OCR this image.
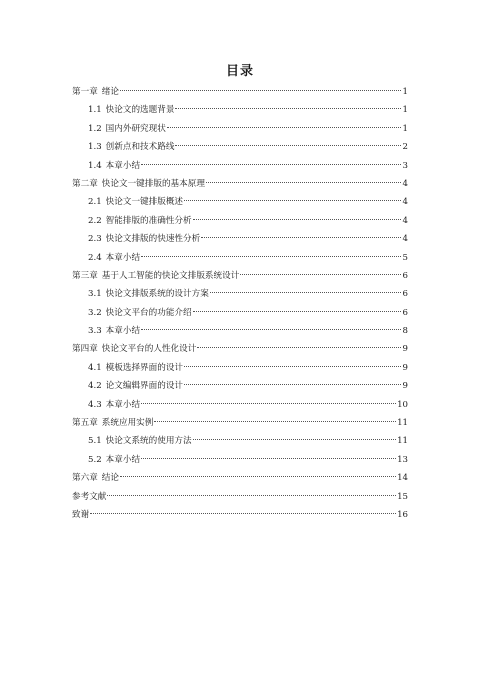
目录
第一章 绪论	1
1.1 快论文的选题背景	1
1.2 国内外研究现状	1
1.3 创新点和技术路线	2
1.4 本章小结	3
第二章 快论文一键排版的基本原理	4
2.1 快论文一键排版概述	4
2.2 智能排版的准确性分析	4
2.3 快论文排版的快速性分析	4
2.4 本章小结	5
第三章 基于人工智能的快论文排版系统设计	6
3.1 快论文排版系统的设计方案	6
3.2 快论文平台的功能介绍	6
3.3 本章小结	8
第四章 快论文平台的人性化设计	9
4.1 模板选择界面的设计	9
4.2 论文编辑界面的设计	9
4.3 本章小结	10
第五章 系统应用实例	11
5.1 快论文系统的使用方法	11
5.2 本章小结	13
第六章 结论	14
参考文献	15
致谢	16
